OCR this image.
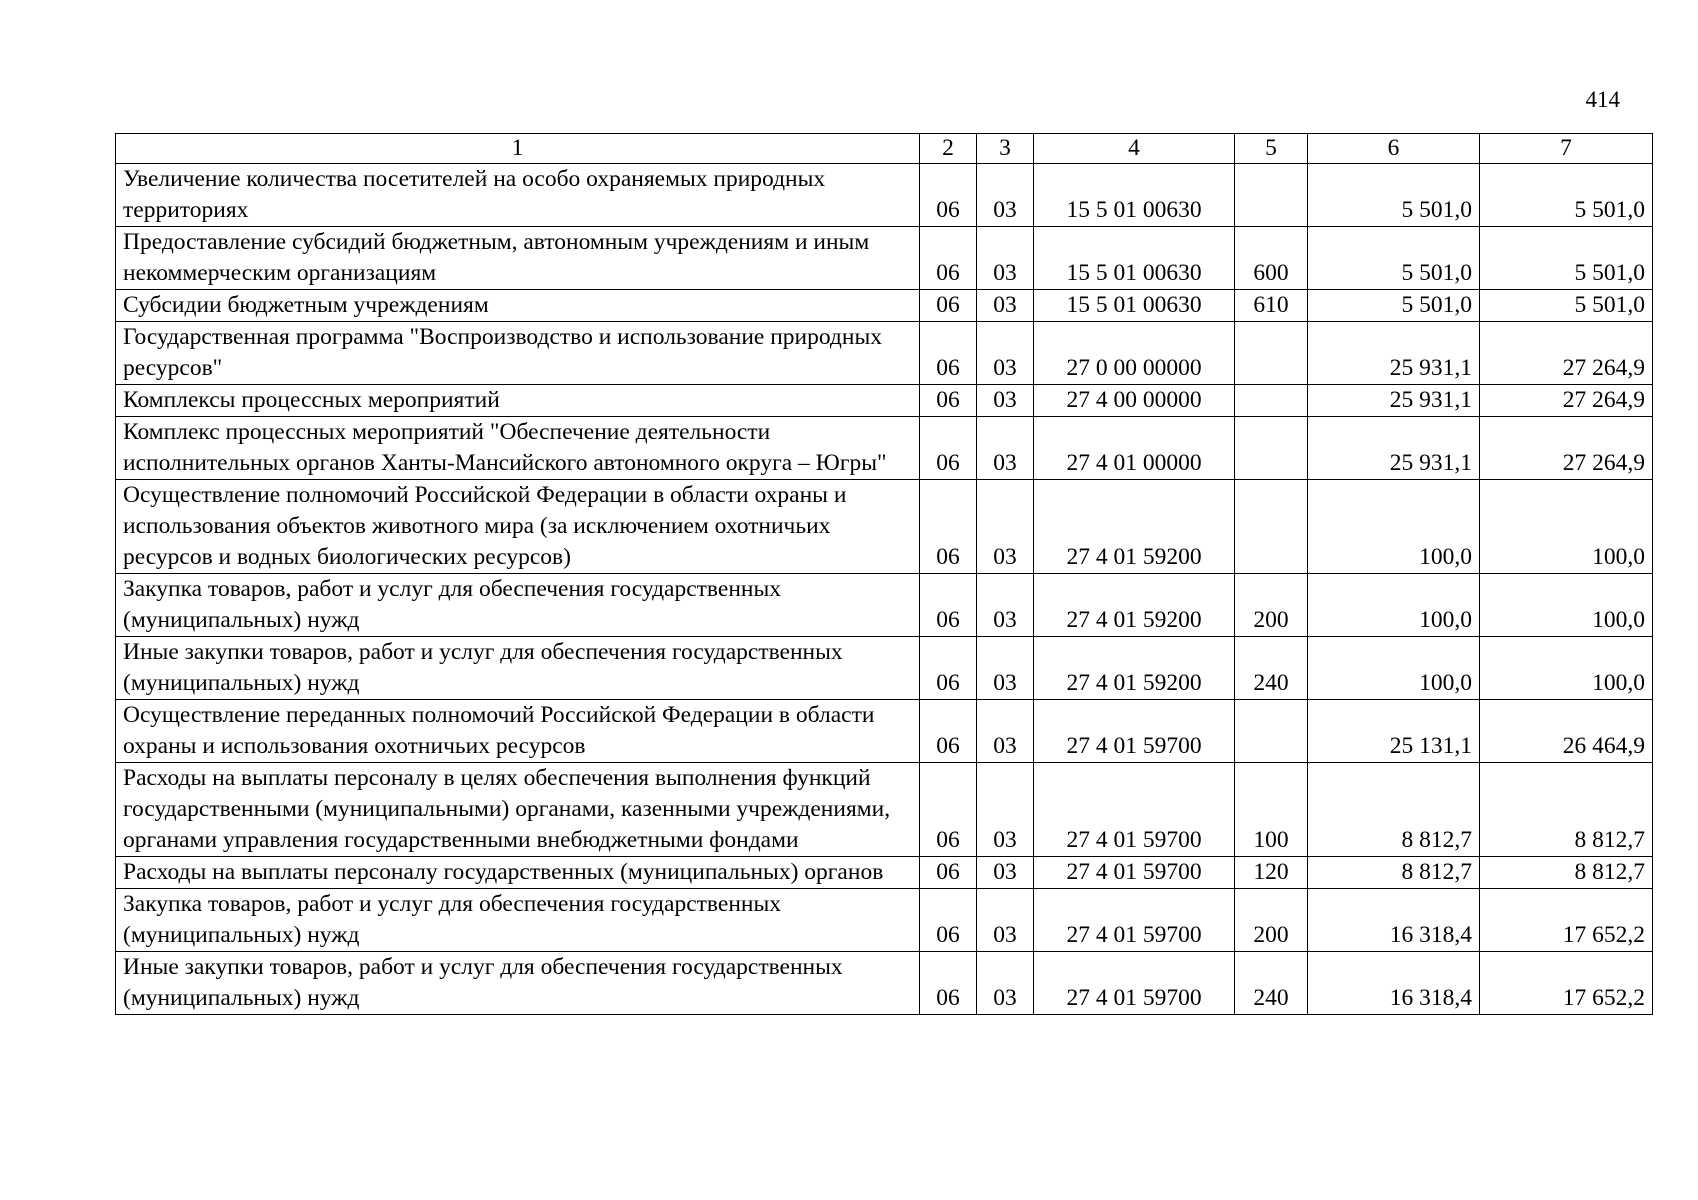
414
1	2	3	4	5	6	7
Увеличение количества посетителей на особо охраняемых природных территориях	06	03	15 5 01 00630		5 501,0	5 501,0
Предоставление субсидий бюджетным, автономным учреждениям и иным некоммерческим организациям	06	03	15 5 01 00630	600	5 501,0	5 501,0
Субсидии бюджетным учреждениям	06	03	15 5 01 00630	610	5 501,0	5 501,0
Государственная программа "Воспроизводство и использование природных ресурсов"	06	03	27 0 00 00000		25 931,1	27 264,9
Комплексы процессных мероприятий	06	03	27 4 00 00000		25 931,1	27 264,9
Комплекс процессных мероприятий "Обеспечение деятельности исполнительных органов Ханты-Мансийского автономного округа – Югры"	06	03	27 4 01 00000		25 931,1	27 264,9
Осуществление полномочий Российской Федерации в области охраны и использования объектов животного мира (за исключением охотничьих ресурсов и водных биологических ресурсов)	06	03	27 4 01 59200		100,0	100,0
Закупка товаров, работ и услуг для обеспечения государственных (муниципальных) нужд	06	03	27 4 01 59200	200	100,0	100,0
Иные закупки товаров, работ и услуг для обеспечения государственных (муниципальных) нужд	06	03	27 4 01 59200	240	100,0	100,0
Осуществление переданных полномочий Российской Федерации в области охраны и использования охотничьих ресурсов	06	03	27 4 01 59700		25 131,1	26 464,9
Расходы на выплаты персоналу в целях обеспечения выполнения функций государственными (муниципальными) органами, казенными учреждениями, органами управления государственными внебюджетными фондами	06	03	27 4 01 59700	100	8 812,7	8 812,7
Расходы на выплаты персоналу государственных (муниципальных) органов	06	03	27 4 01 59700	120	8 812,7	8 812,7
Закупка товаров, работ и услуг для обеспечения государственных (муниципальных) нужд	06	03	27 4 01 59700	200	16 318,4	17 652,2
Иные закупки товаров, работ и услуг для обеспечения государственных (муниципальных) нужд	06	03	27 4 01 59700	240	16 318,4	17 652,2
